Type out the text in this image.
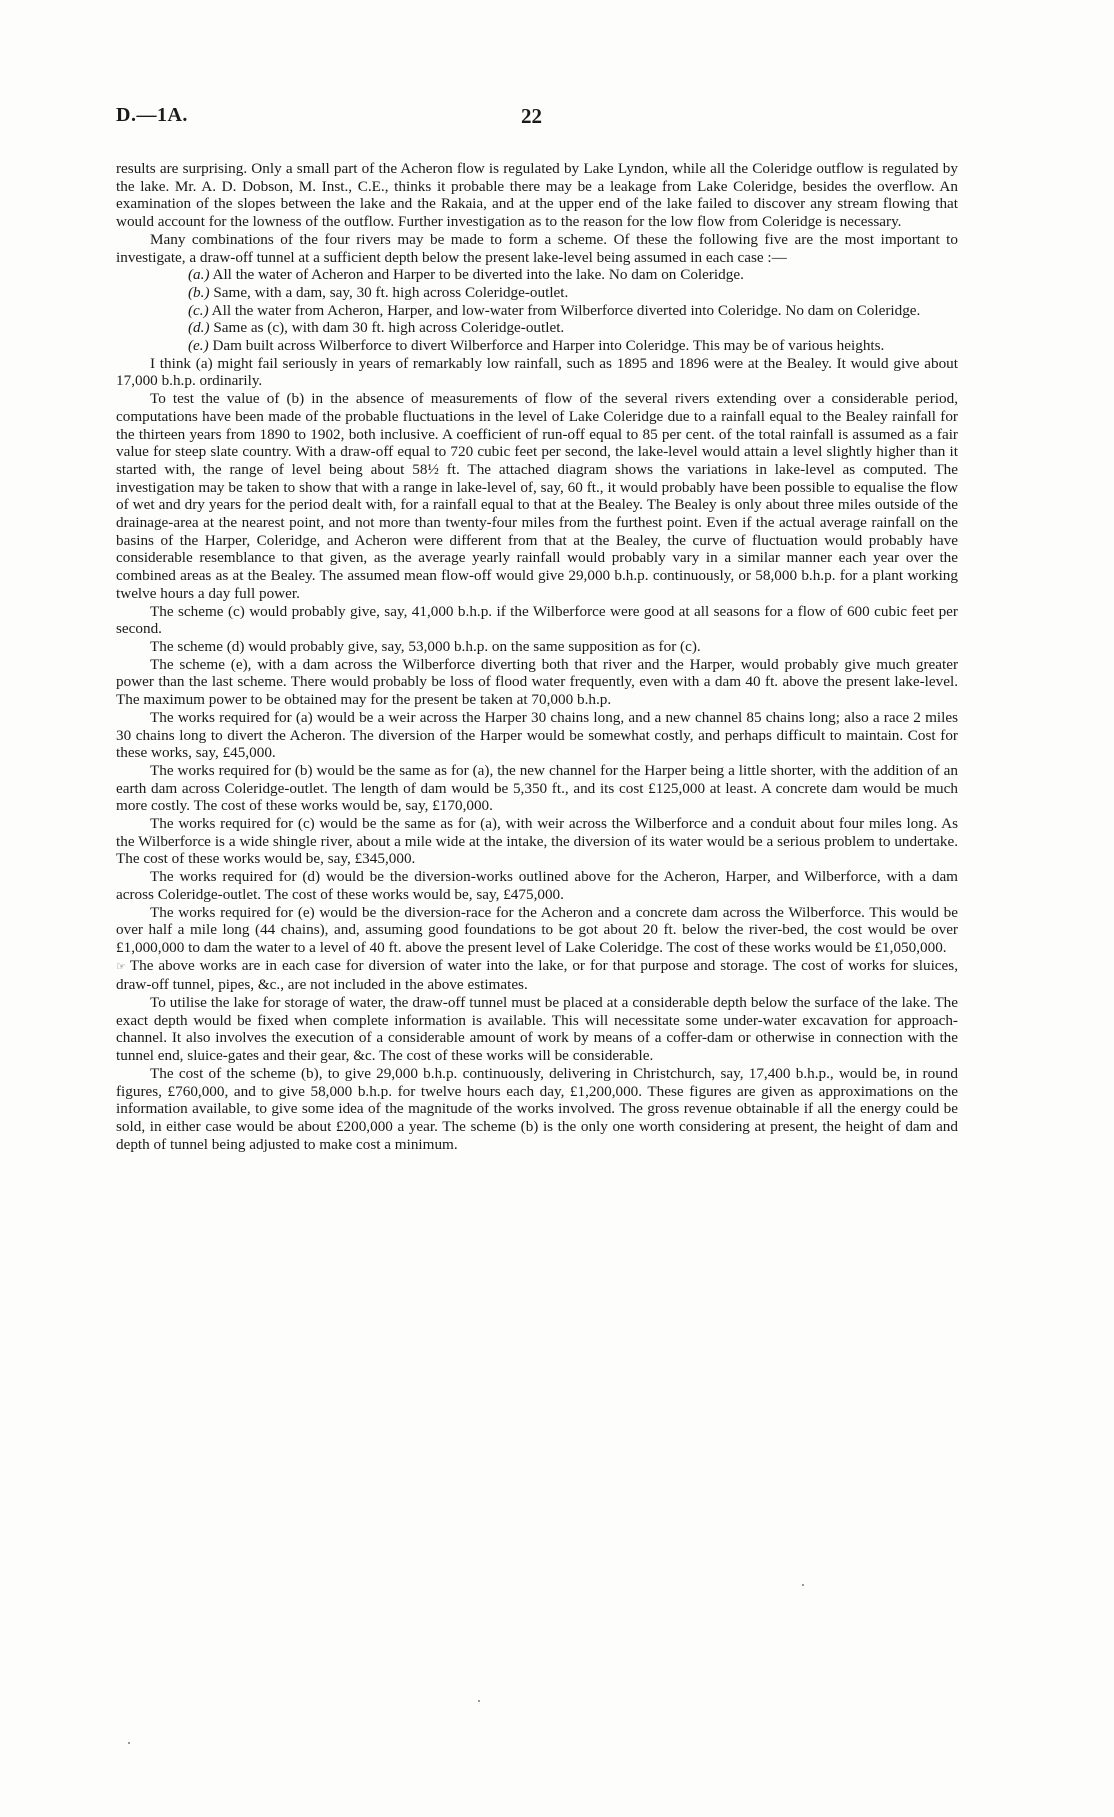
D.—1A.	22

results are surprising. Only a small part of the Acheron flow is regulated by Lake Lyndon, while all the Coleridge outflow is regulated by the lake. Mr. A. D. Dobson, M. Inst., C.E., thinks it probable there may be a leakage from Lake Coleridge, besides the overflow. An examination of the slopes between the lake and the Rakaia, and at the upper end of the lake failed to discover any stream flowing that would account for the lowness of the outflow. Further investigation as to the reason for the low flow from Coleridge is necessary.

Many combinations of the four rivers may be made to form a scheme. Of these the following five are the most important to investigate, a draw-off tunnel at a sufficient depth below the present lake-level being assumed in each case :—

(a.) All the water of Acheron and Harper to be diverted into the lake. No dam on Coleridge.
(b.) Same, with a dam, say, 30 ft. high across Coleridge-outlet.
(c.) All the water from Acheron, Harper, and low-water from Wilberforce diverted into Coleridge. No dam on Coleridge.
(d.) Same as (c), with dam 30 ft. high across Coleridge-outlet.
(e.) Dam built across Wilberforce to divert Wilberforce and Harper into Coleridge. This may be of various heights.

I think (a) might fail seriously in years of remarkably low rainfall, such as 1895 and 1896 were at the Bealey. It would give about 17,000 b.h.p. ordinarily.

To test the value of (b) in the absence of measurements of flow of the several rivers extending over a considerable period, computations have been made of the probable fluctuations in the level of Lake Coleridge due to a rainfall equal to the Bealey rainfall for the thirteen years from 1890 to 1902, both inclusive. A coefficient of run-off equal to 85 per cent. of the total rainfall is assumed as a fair value for steep slate country. With a draw-off equal to 720 cubic feet per second, the lake-level would attain a level slightly higher than it started with, the range of level being about 58½ ft. The attached diagram shows the variations in lake-level as computed. The investigation may be taken to show that with a range in lake-level of, say, 60 ft., it would probably have been possible to equalise the flow of wet and dry years for the period dealt with, for a rainfall equal to that at the Bealey. The Bealey is only about three miles outside of the drainage-area at the nearest point, and not more than twenty-four miles from the furthest point. Even if the actual average rainfall on the basins of the Harper, Coleridge, and Acheron were different from that at the Bealey, the curve of fluctuation would probably have considerable resemblance to that given, as the average yearly rainfall would probably vary in a similar manner each year over the combined areas as at the Bealey. The assumed mean flow-off would give 29,000 b.h.p. continuously, or 58,000 b.h.p. for a plant working twelve hours a day full power.

The scheme (c) would probably give, say, 41,000 b.h.p. if the Wilberforce were good at all seasons for a flow of 600 cubic feet per second.

The scheme (d) would probably give, say, 53,000 b.h.p. on the same supposition as for (c).

The scheme (e), with a dam across the Wilberforce diverting both that river and the Harper, would probably give much greater power than the last scheme. There would probably be loss of flood water frequently, even with a dam 40 ft. above the present lake-level. The maximum power to be obtained may for the present be taken at 70,000 b.h.p.

The works required for (a) would be a weir across the Harper 30 chains long, and a new channel 85 chains long; also a race 2 miles 30 chains long to divert the Acheron. The diversion of the Harper would be somewhat costly, and perhaps difficult to maintain. Cost for these works, say, £45,000.

The works required for (b) would be the same as for (a), the new channel for the Harper being a little shorter, with the addition of an earth dam across Coleridge-outlet. The length of dam would be 5,350 ft., and its cost £125,000 at least. A concrete dam would be much more costly. The cost of these works would be, say, £170,000.

The works required for (c) would be the same as for (a), with weir across the Wilberforce and a conduit about four miles long. As the Wilberforce is a wide shingle river, about a mile wide at the intake, the diversion of its water would be a serious problem to undertake. The cost of these works would be, say, £345,000.

The works required for (d) would be the diversion-works outlined above for the Acheron, Harper, and Wilberforce, with a dam across Coleridge-outlet. The cost of these works would be, say, £475,000.

The works required for (e) would be the diversion-race for the Acheron and a concrete dam across the Wilberforce. This would be over half a mile long (44 chains), and, assuming good foundations to be got about 20 ft. below the river-bed, the cost would be over £1,000,000 to dam the water to a level of 40 ft. above the present level of Lake Coleridge. The cost of these works would be £1,050,000.

☞ The above works are in each case for diversion of water into the lake, or for that purpose and storage. The cost of works for sluices, draw-off tunnel, pipes, &c., are not included in the above estimates.

To utilise the lake for storage of water, the draw-off tunnel must be placed at a considerable depth below the surface of the lake. The exact depth would be fixed when complete information is available. This will necessitate some under-water excavation for approach-channel. It also involves the execution of a considerable amount of work by means of a coffer-dam or otherwise in connection with the tunnel end, sluice-gates and their gear, &c. The cost of these works will be considerable.

The cost of the scheme (b), to give 29,000 b.h.p. continuously, delivering in Christchurch, say, 17,400 b.h.p., would be, in round figures, £760,000, and to give 58,000 b.h.p. for twelve hours each day, £1,200,000. These figures are given as approximations on the information available, to give some idea of the magnitude of the works involved. The gross revenue obtainable if all the energy could be sold, in either case would be about £200,000 a year. The scheme (b) is the only one worth considering at present, the height of dam and depth of tunnel being adjusted to make cost a minimum.
